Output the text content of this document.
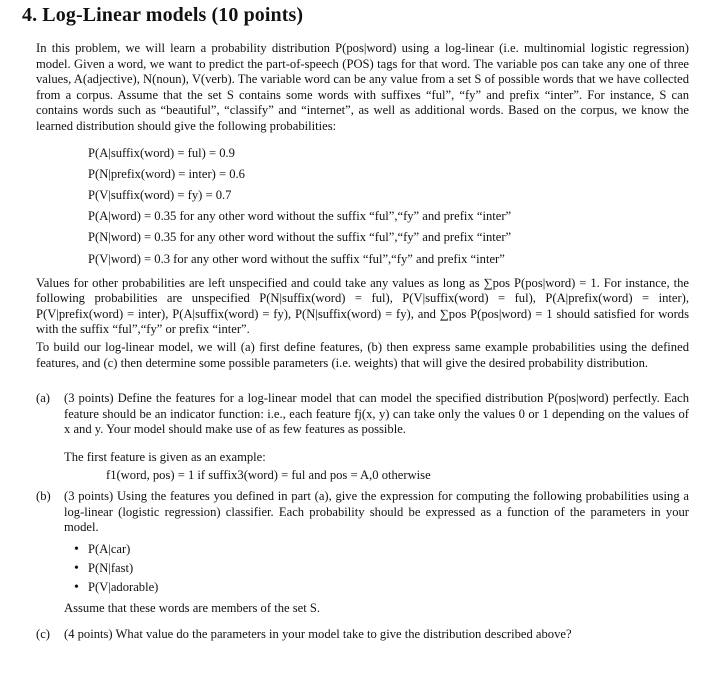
4. Log-Linear models (10 points)

In this problem, we will learn a probability distribution P(pos|word) using a log-linear (i.e. multinomial logistic regression) model. Given a word, we want to predict the part-of-speech (POS) tags for that word. The variable pos can take any one of three values, A(adjective), N(noun), V(verb). The variable word can be any value from a set S of possible words that we have collected from a corpus. Assume that the set S contains some words with suffixes “ful”, “fy” and prefix “inter”. For instance, S can contains words such as “beautiful”, “classify” and “internet”, as well as additional words. Based on the corpus, we know the learned distribution should give the following probabilities:

P(A|suffix(word) = ful) = 0.9
P(N|prefix(word) = inter) = 0.6
P(V|suffix(word) = fy) = 0.7
P(A|word) = 0.35 for any other word without the suffix “ful”,“fy” and prefix “inter”
P(N|word) = 0.35 for any other word without the suffix “ful”,“fy” and prefix “inter”
P(V|word) = 0.3 for any other word without the suffix “ful”,“fy” and prefix “inter”

Values for other probabilities are left unspecified and could take any values as long as ∑pos P(pos|word) = 1. For instance, the following probabilities are unspecified P(N|suffix(word) = ful), P(V|suffix(word) = ful), P(A|prefix(word) = inter), P(V|prefix(word) = inter), P(A|suffix(word) = fy), P(N|suffix(word) = fy), and ∑pos P(pos|word) = 1 should satisfied for words with the suffix “ful”,“fy” or prefix “inter”.

To build our log-linear model, we will (a) first define features, (b) then express same example probabilities using the defined features, and (c) then determine some possible parameters (i.e. weights) that will give the desired probability distribution.

(a)	(3 points) Define the features for a log-linear model that can model the specified distribution P(pos|word) perfectly. Each feature should be an indicator function: i.e., each feature fj(x, y) can take only the values 0 or 1 depending on the values of x and y. Your model should make use of as few features as possible.
The first feature is given as an example:
f1(word, pos) = 1 if suffix3(word) = ful and pos = A,0 otherwise
(b)	(3 points) Using the features you defined in part (a), give the expression for computing the following probabilities using a log-linear (logistic regression) classifier. Each probability should be expressed as a function of the parameters in your model.
• P(A|car)
• P(N|fast)
• P(V|adorable)
Assume that these words are members of the set S.
(c)	(4 points) What value do the parameters in your model take to give the distribution described above?
